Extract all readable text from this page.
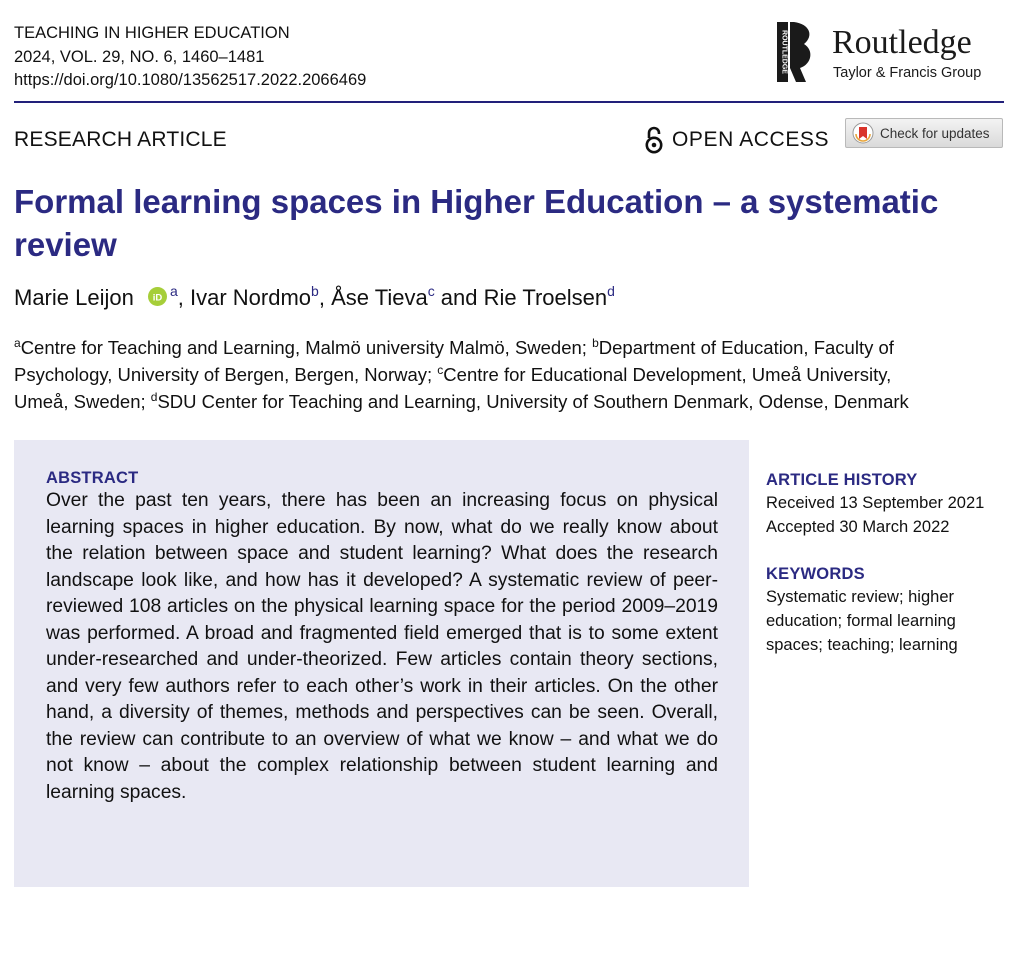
TEACHING IN HIGHER EDUCATION
2024, VOL. 29, NO. 6, 1460–1481
https://doi.org/10.1080/13562517.2022.2066469
ROUTLEDGE Routledge
Taylor & Francis Group
RESEARCH ARTICLE	OPEN ACCESS	Check for updates
Formal learning spaces in Higher Education – a systematic review
Marie Leijon iD $^a$, Ivar Nordmo$^b$, Åse Tieva$^c$ and Rie Troelsen$^d$
$^a$Centre for Teaching and Learning, Malmö university Malmö, Sweden; $^b$Department of Education, Faculty of
Psychology, University of Bergen, Bergen, Norway; $^c$Centre for Educational Development, Umeå University,
Umeå, Sweden; $^d$SDU Center for Teaching and Learning, University of Southern Denmark, Odense, Denmark
ABSTRACT

Over the past ten years, there has been an increasing focus on physical learning spaces in higher education. By now, what do we really know about the relation between space and student learning? What does the research landscape look like, and how has it developed? A systematic review of peer-reviewed 108 articles on the physical learning space for the period 2009–2019 was performed. A broad and fragmented field emerged that is to some extent under-researched and under-theorized. Few articles contain theory sections, and very few authors refer to each other’s work in their articles. On the other hand, a diversity of themes, methods and perspectives can be seen. Overall, the review can contribute to an overview of what we know – and what we do not know – about the complex relationship between student learning and learning spaces.

ARTICLE HISTORY
Received 13 September 2021
Accepted 30 March 2022
KEYWORDS
Systematic review; higher
education; formal learning
spaces; teaching; learning
